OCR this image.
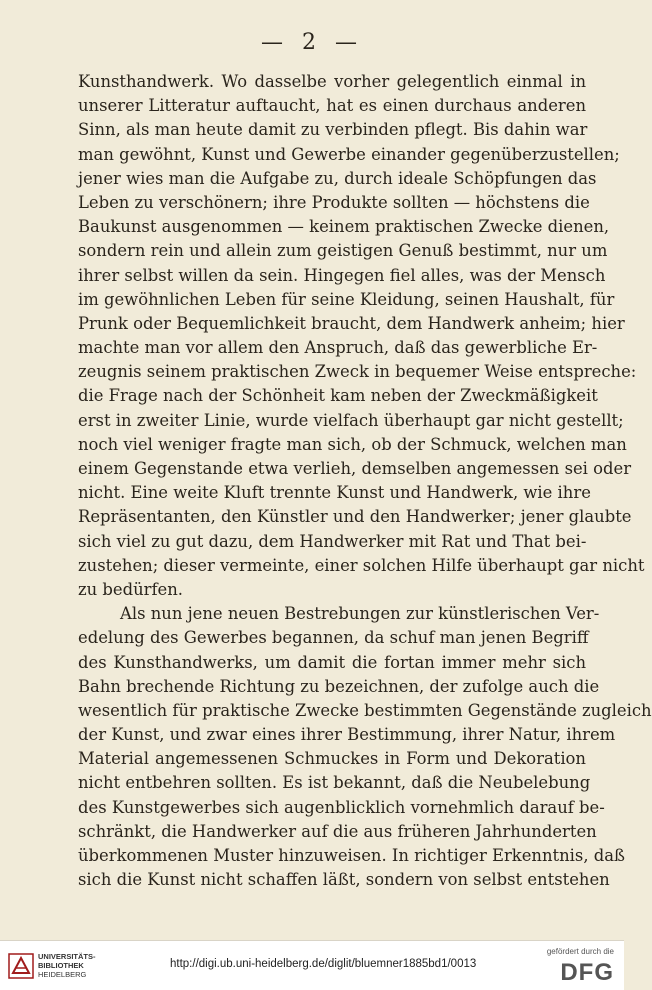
— 2 —
Kunsthandwerk. Wo dasselbe vorher gelegentlich einmal in
unserer Litteratur auftaucht, hat es einen durchaus anderen
Sinn, als man heute damit zu verbinden pflegt. Bis dahin war
man gewöhnt, Kunst und Gewerbe einander gegenüberzustellen;
jener wies man die Aufgabe zu, durch ideale Schöpfungen das
Leben zu verschönern; ihre Produkte sollten — höchstens die
Baukunst ausgenommen — keinem praktischen Zwecke dienen,
sondern rein und allein zum geistigen Genuß bestimmt, nur um
ihrer selbst willen da sein. Hingegen fiel alles, was der Mensch
im gewöhnlichen Leben für seine Kleidung, seinen Haushalt, für
Prunk oder Bequemlichkeit braucht, dem Handwerk anheim; hier
machte man vor allem den Anspruch, daß das gewerbliche Er-
zeugnis seinem praktischen Zweck in bequemer Weise entspreche:
die Frage nach der Schönheit kam neben der Zweckmäßigkeit
erst in zweiter Linie, wurde vielfach überhaupt gar nicht gestellt;
noch viel weniger fragte man sich, ob der Schmuck, welchen man
einem Gegenstande etwa verlieh, demselben angemessen sei oder
nicht. Eine weite Kluft trennte Kunst und Handwerk, wie ihre
Repräsentanten, den Künstler und den Handwerker; jener glaubte
sich viel zu gut dazu, dem Handwerker mit Rat und That bei-
zustehen; dieser vermeinte, einer solchen Hilfe überhaupt gar nicht
zu bedürfen.
Als nun jene neuen Bestrebungen zur künstlerischen Ver-
edelung des Gewerbes begannen, da schuf man jenen Begriff
des Kunsthandwerks, um damit die fortan immer mehr sich
Bahn brechende Richtung zu bezeichnen, der zufolge auch die
wesentlich für praktische Zwecke bestimmten Gegenstände zugleich
der Kunst, und zwar eines ihrer Bestimmung, ihrer Natur, ihrem
Material angemessenen Schmuckes in Form und Dekoration
nicht entbehren sollten. Es ist bekannt, daß die Neubelebung
des Kunstgewerbes sich augenblicklich vornehmlich darauf be-
schränkt, die Handwerker auf die aus früheren Jahrhunderten
überkommenen Muster hinzuweisen. In richtiger Erkenntnis, daß
sich die Kunst nicht schaffen läßt, sondern von selbst entstehen
UNIVERSITÄTS-
BIBLIOTHEK
HEIDELBERG
http://digi.ub.uni-heidelberg.de/diglit/bluemner1885bd1/0013
gefördert durch die
DFG
